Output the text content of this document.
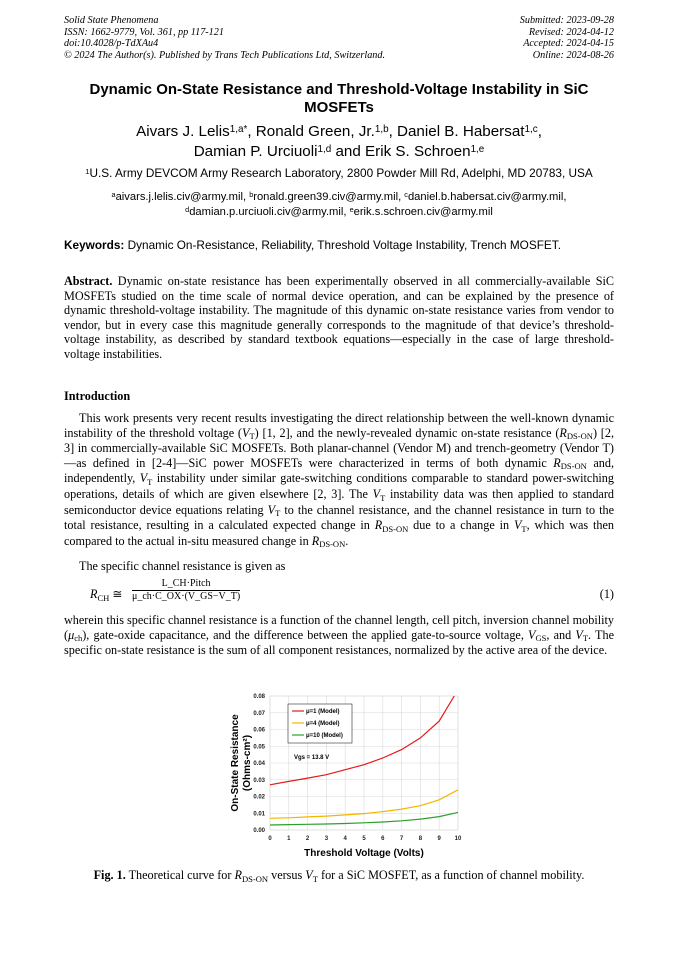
Solid State Phenomena
ISSN: 1662-9779, Vol. 361, pp 117-121
doi:10.4028/p-TdXAu4
© 2024 The Author(s). Published by Trans Tech Publications Ltd, Switzerland.
Submitted: 2023-09-28
Revised: 2024-04-12
Accepted: 2024-04-15
Online: 2024-08-26
Dynamic On-State Resistance and Threshold-Voltage Instability in SiC MOSFETs
Aivars J. Lelis$^{1,a*}$, Ronald Green, Jr.$^{1,b}$, Daniel B. Habersat$^{1,c}$,
Damian P. Urciuoli$^{1,d}$ and Erik S. Schroen$^{1,e}$
$^1$U.S. Army DEVCOM Army Research Laboratory, 2800 Powder Mill Rd, Adelphi, MD 20783, USA
$^a$aivars.j.lelis.civ@army.mil, $^b$ronald.green39.civ@army.mil, $^c$daniel.b.habersat.civ@army.mil,
$^d$damian.p.urciuoli.civ@army.mil, $^e$erik.s.schroen.civ@army.mil
Keywords: Dynamic On-Resistance, Reliability, Threshold Voltage Instability, Trench MOSFET.
Abstract. Dynamic on-state resistance has been experimentally observed in all commercially-available SiC MOSFETs studied on the time scale of normal device operation, and can be explained by the presence of dynamic threshold-voltage instability. The magnitude of this dynamic on-state resistance varies from vendor to vendor, but in every case this magnitude generally corresponds to the magnitude of that device’s threshold-voltage instability, as described by standard textbook equations—especially in the case of large threshold-voltage instabilities.
Introduction
This work presents very recent results investigating the direct relationship between the well-known dynamic instability of the threshold voltage $(V_T)$ [1, 2], and the newly-revealed dynamic on-state resistance $(R_{DS-ON})$ [2, 3] in commercially-available SiC MOSFETs. Both planar-channel (Vendor M) and trench-geometry (Vendor T)—as defined in [2-4]—SiC power MOSFETs were characterized in terms of both dynamic $R_{DS-ON}$ and, independently, $V_T$ instability under similar gate-switching conditions comparable to standard power-switching operations, details of which are given elsewhere [2, 3]. The $V_T$ instability data was then applied to standard semiconductor device equations relating $V_T$ to the channel resistance, and the channel resistance in turn to the total resistance, resulting in a calculated expected change in $R_{DS-ON}$ due to a change in $V_T$, which was then compared to the actual in-situ measured change in $R_{DS-ON}$.
The specific channel resistance is given as
$R_{CH}$ ≅
L_CH·Pitch
μ_ch·C_OX·(V_GS−V_T)	(1)
wherein this specific channel resistance is a function of the channel length, cell pitch, inversion channel mobility $(\mu_{ch})$, gate-oxide capacitance, and the difference between the applied gate-to-source voltage, $V_{GS}$, and $V_T$. The specific on-state resistance is the sum of all component resistances, normalized by the active area of the device.
0.00
0.01
0.02
0.03
0.04
0.05
0.06
0.07
0.08
0	1	2	3	4	5	6	7	8	9 10
μ=1 (Model)
μ=4 (Model)
μ=10 (Model)
Vgs = 13.8 V
Threshold Voltage (Volts)
On-State Resistance(Ohms-cm²)
Fig. 1. Theoretical curve for $R_{DS-ON}$ versus $V_T$ for a SiC MOSFET, as a function of channel mobility.
